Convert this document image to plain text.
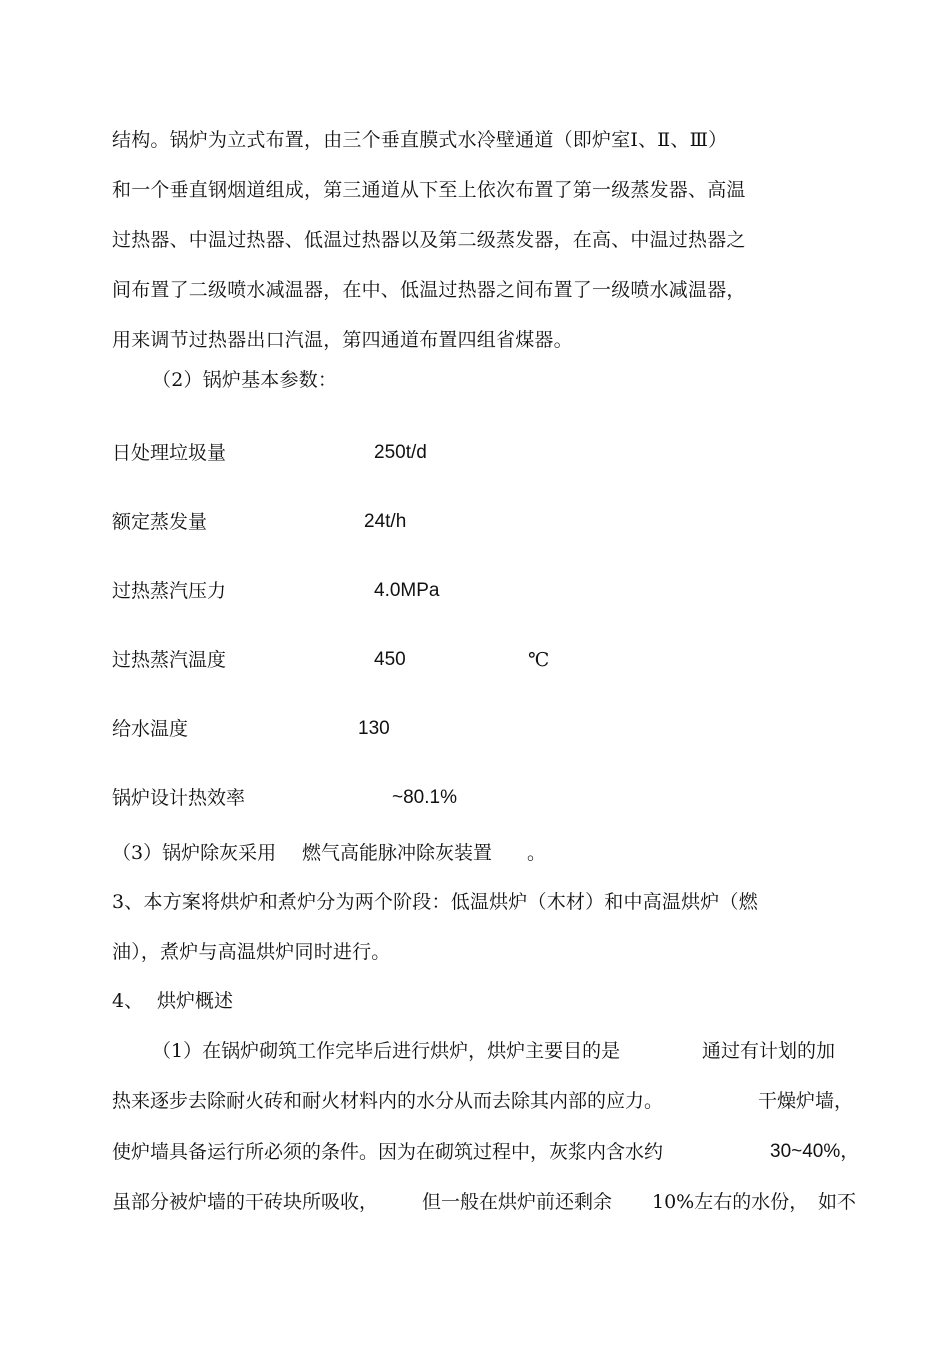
结构。锅炉为立式布置，由三个垂直膜式水冷壁通道（即炉室Ⅰ、Ⅱ、Ⅲ）
和一个垂直钢烟道组成，第三通道从下至上依次布置了第一级蒸发器、高温
过热器、中温过热器、低温过热器以及第二级蒸发器，在高、中温过热器之
间布置了二级喷水减温器，在中、低温过热器之间布置了一级喷水减温器，
用来调节过热器出口汽温，第四通道布置四组省煤器。
（2）锅炉基本参数：
日处理垃圾量	250t/d
额定蒸发量	24t/h
过热蒸汽压力	4.0MPa
过热蒸汽温度	450	℃
给水温度	130
锅炉设计热效率	~80.1%
（3）锅炉除灰采用 燃气高能脉冲除灰装置 。
3、本方案将烘炉和煮炉分为两个阶段：低温烘炉（木材）和中高温烘炉（燃
油），煮炉与高温烘炉同时进行。
4、 烘炉概述
（1）在锅炉砌筑工作完毕后进行烘炉，烘炉主要目的是	通过有计划的加
热来逐步去除耐火砖和耐火材料内的水分从而去除其内部的应力。	干燥炉墙，
使炉墙具备运行所必须的条件。因为在砌筑过程中，灰浆内含水约	30~40%，
虽部分被炉墙的干砖块所吸收， 但一般在烘炉前还剩余 10%左右的水份， 如不
